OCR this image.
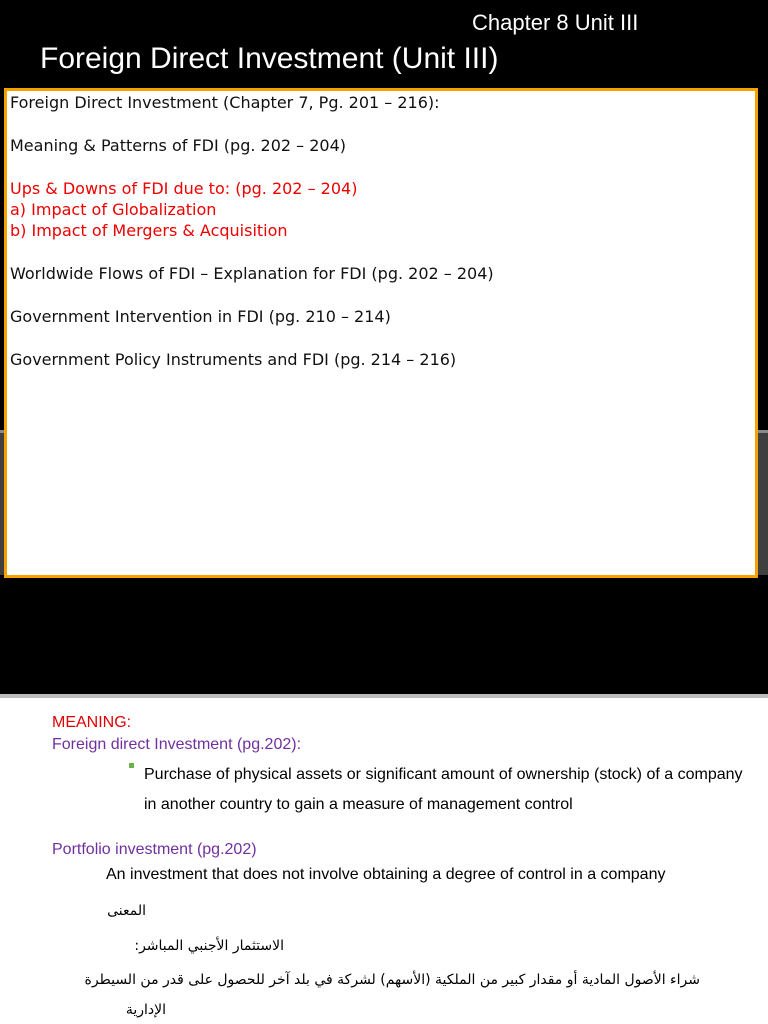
Chapter 8 Unit III
Foreign Direct Investment (Unit III)
Foreign Direct Investment (Chapter 7, Pg. 201 – 216):
Meaning & Patterns of FDI (pg. 202 – 204)
Ups & Downs of FDI due to: (pg. 202 – 204)
a) Impact of Globalization
b) Impact of Mergers & Acquisition
Worldwide Flows of FDI – Explanation for FDI (pg. 202 – 204)
Government Intervention in FDI (pg. 210 – 214)
Government Policy Instruments and FDI (pg. 214 – 216)
MEANING:
Foreign direct Investment (pg.202):
Purchase of physical assets or significant amount of ownership (stock) of a company in another country to gain a measure of management control
Portfolio investment (pg.202)
An investment that does not involve obtaining a degree of control in a company
المعنى
الاستثمار الأجنبي المباشر:
شراء الأصول المادية أو مقدار كبير من الملكية (الأسهم) لشركة في بلد آخر للحصول على قدر من السيطرة
الإدارية
